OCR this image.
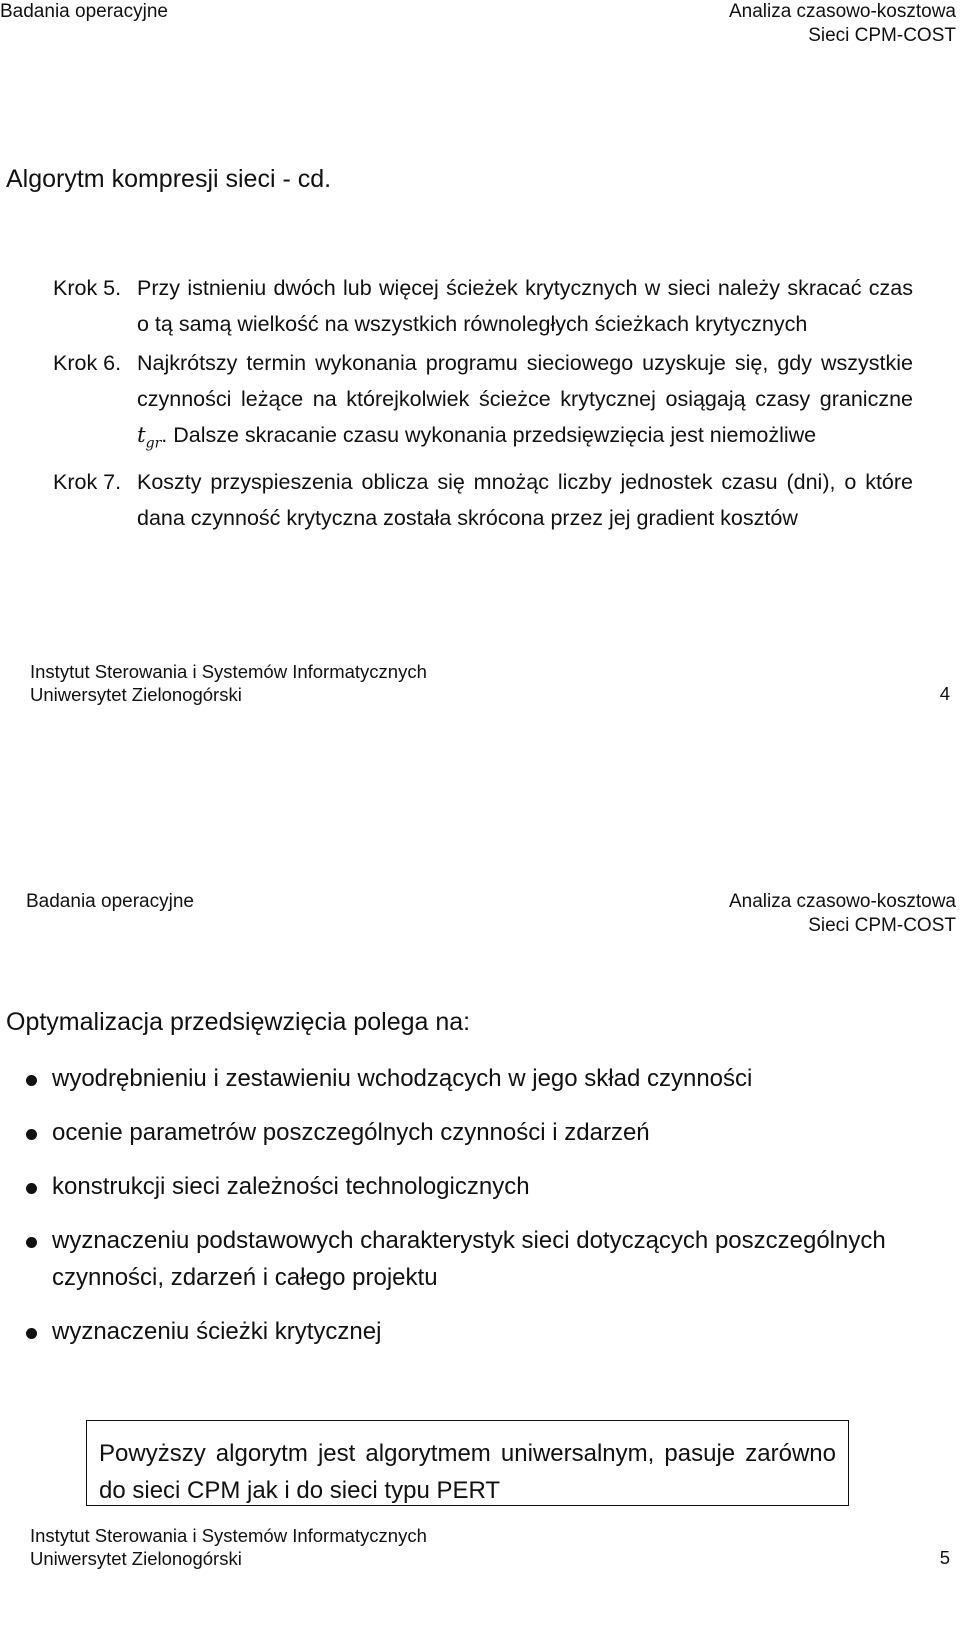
Badania operacyjne	Analiza czasowo-kosztowa
Sieci CPM-COST
Algorytm kompresji sieci - cd.
Krok 5. Przy istnieniu dwóch lub więcej ścieżek krytycznych w sieci należy skracać czas o tą samą wielkość na wszystkich równoległych ścieżkach krytycznych
Krok 6. Najkrótszy termin wykonania programu sieciowego uzyskuje się, gdy wszystkie czynności leżące na którejkolwiek ścieżce krytycznej osiągają czasy graniczne $t_{gr}$. Dalsze skracanie czasu wykonania przedsięwzięcia jest niemożliwe
Krok 7. Koszty przyspieszenia oblicza się mnożąc liczby jednostek czasu (dni), o które dana czynność krytyczna została skrócona przez jej gradient kosztów
Instytut Sterowania i Systemów Informatycznych
Uniwersytet Zielonogórski	4
Badania operacyjne	Analiza czasowo-kosztowa
Sieci CPM-COST
Optymalizacja przedsięwzięcia polega na:
wyodrębnieniu i zestawieniu wchodzących w jego skład czynności
ocenie parametrów poszczególnych czynności i zdarzeń
konstrukcji sieci zależności technologicznych
wyznaczeniu podstawowych charakterystyk sieci dotyczących poszczególnych czynności, zdarzeń i całego projektu
wyznaczeniu ścieżki krytycznej
Powyższy algorytm jest algorytmem uniwersalnym, pasuje zarówno do sieci CPM jak i do sieci typu PERT
Instytut Sterowania i Systemów Informatycznych
Uniwersytet Zielonogórski	5
